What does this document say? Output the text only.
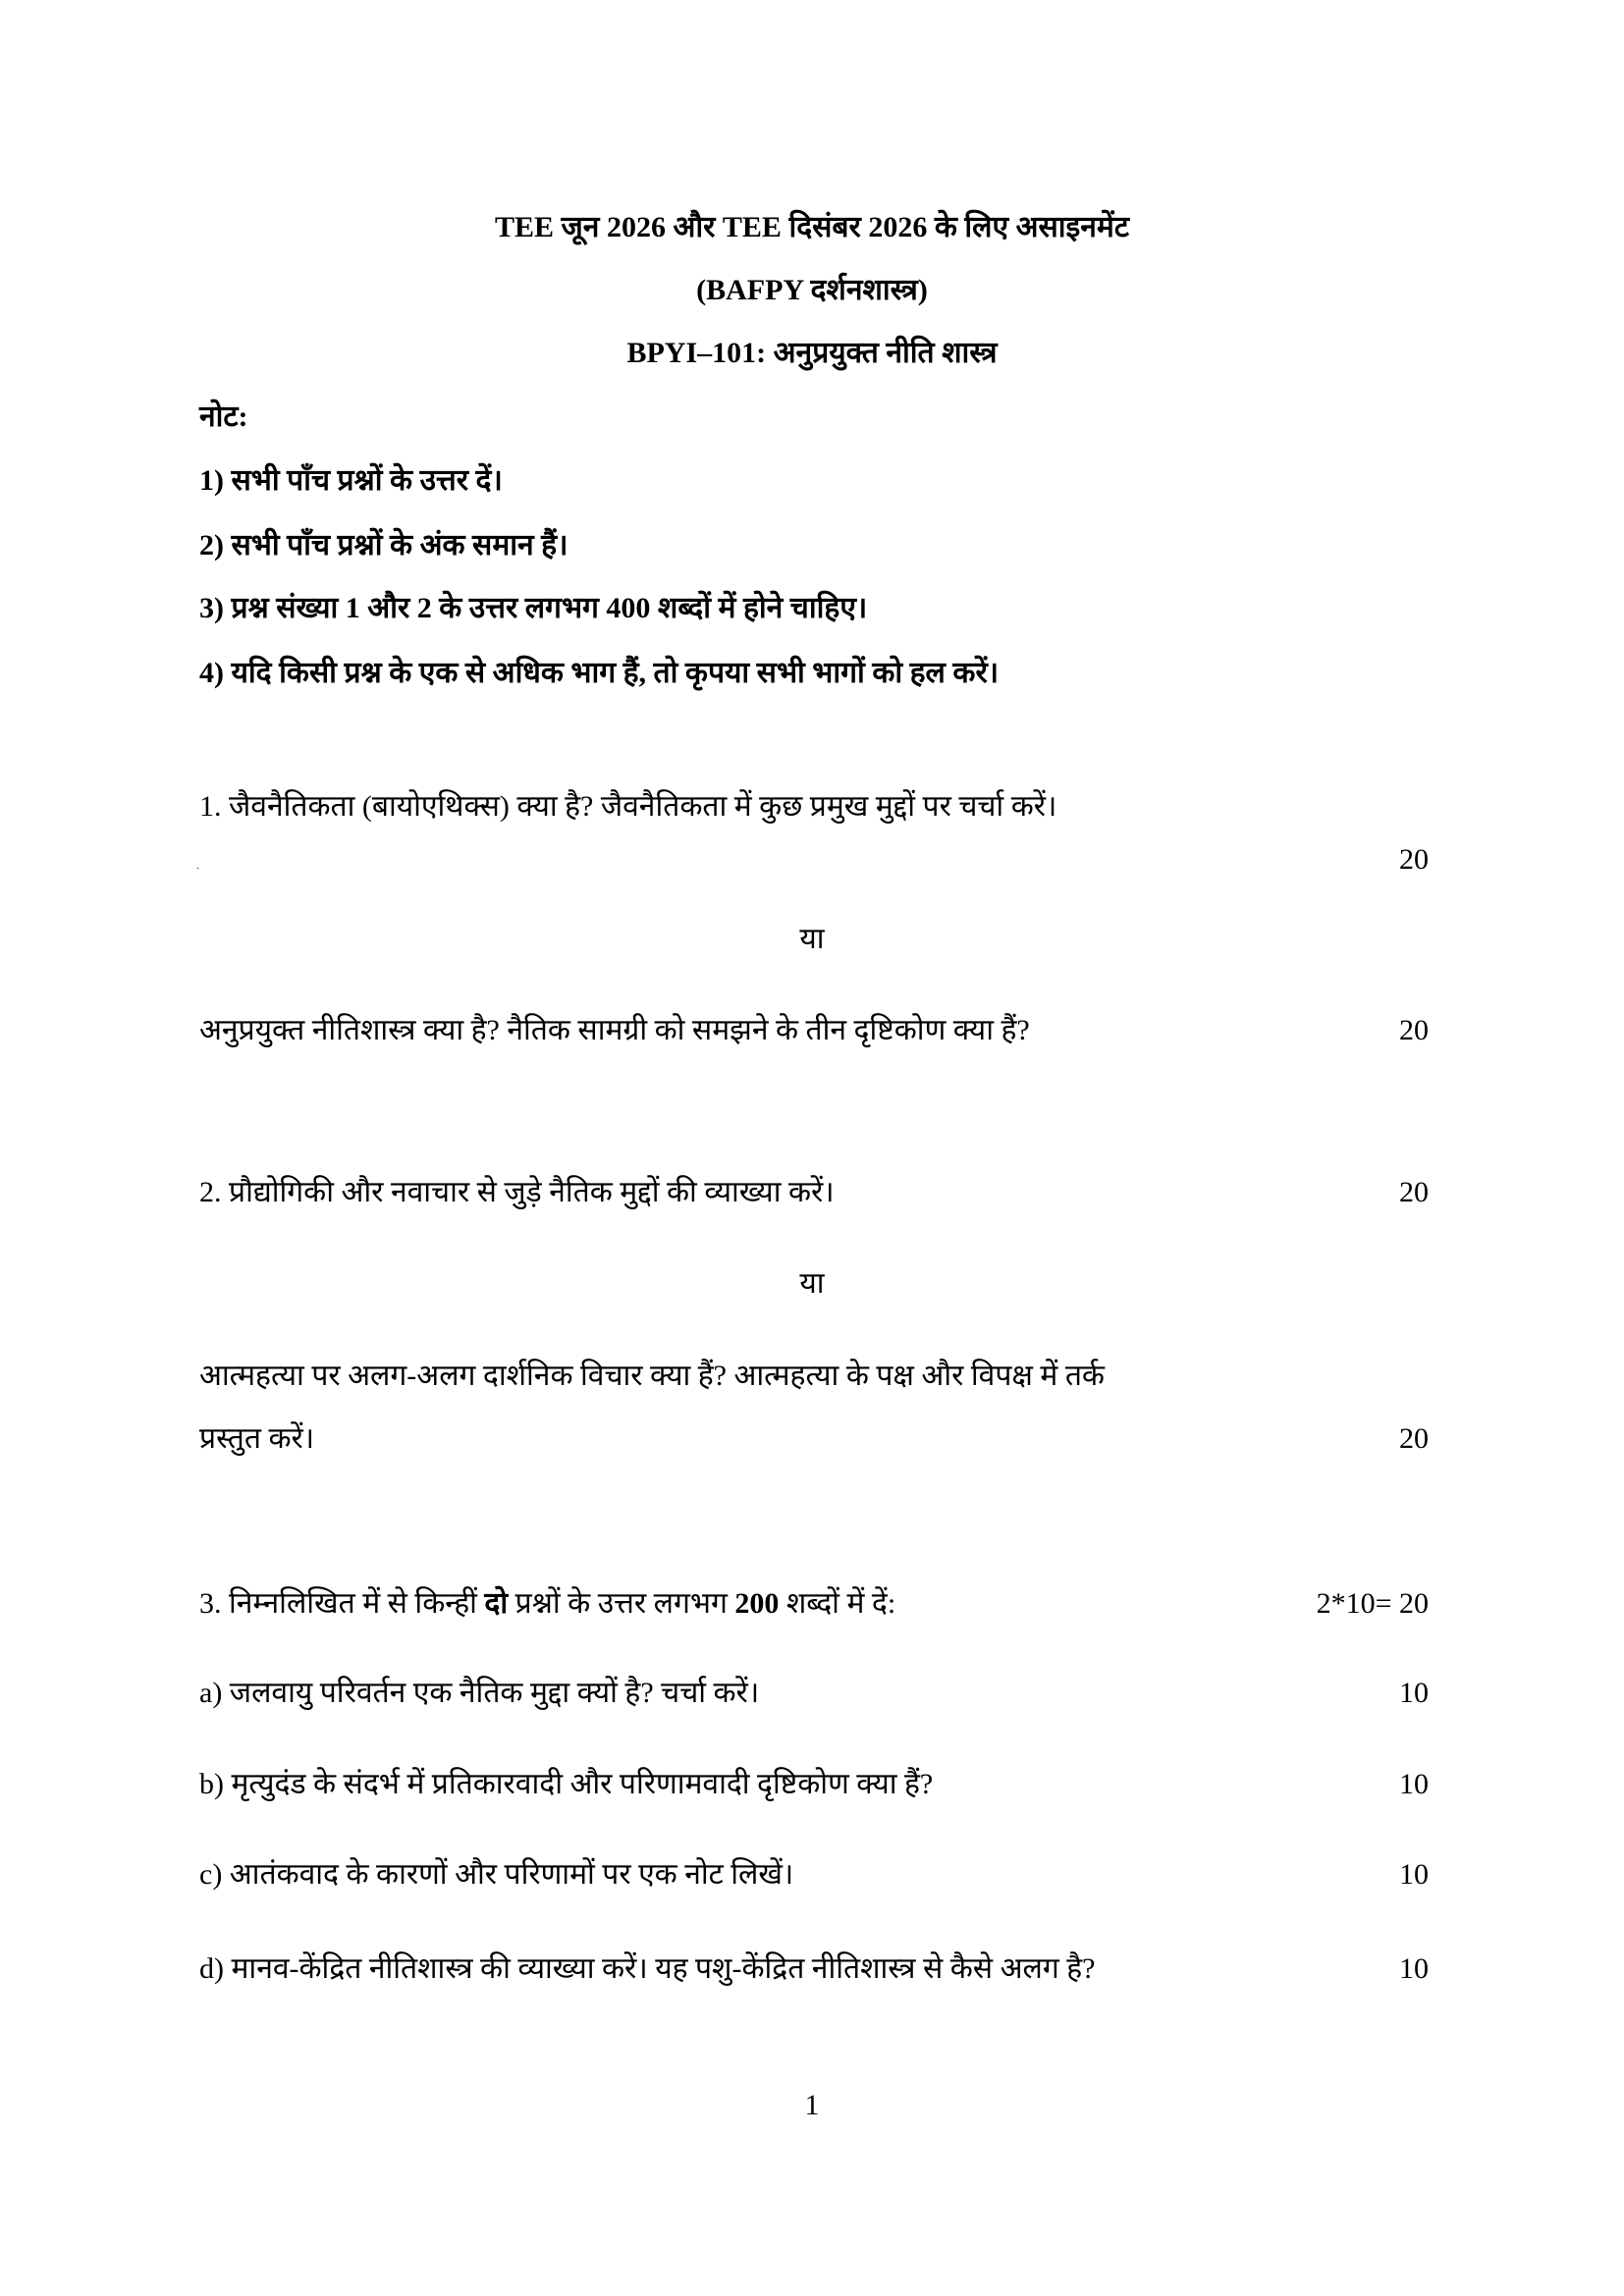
TEE जून 2026 और TEE दिसंबर 2026 के लिए असाइनमेंट
(BAFPY दर्शनशास्त्र)
BPYI–101: अनुप्रयुक्त नीति शास्त्र
नोट:
1) सभी पाँच प्रश्नों के उत्तर दें।
2) सभी पाँच प्रश्नों के अंक समान हैं।
3) प्रश्न संख्या 1 और 2 के उत्तर लगभग 400 शब्दों में होने चाहिए।
4) यदि किसी प्रश्न के एक से अधिक भाग हैं, तो कृपया सभी भागों को हल करें।
1. जैवनैतिकता (बायोएथिक्स) क्या है? जैवनैतिकता में कुछ प्रमुख मुद्दों पर चर्चा करें।
·	20
या
अनुप्रयुक्त नीतिशास्त्र क्या है? नैतिक सामग्री को समझने के तीन दृष्टिकोण क्या हैं?	20
2. प्रौद्योगिकी और नवाचार से जुड़े नैतिक मुद्दों की व्याख्या करें।	20
या
आत्महत्या पर अलग-अलग दार्शनिक विचार क्या हैं? आत्महत्या के पक्ष और विपक्ष में तर्क
प्रस्तुत करें।	20
3. निम्नलिखित में से किन्हीं दो प्रश्नों के उत्तर लगभग 200 शब्दों में दें:	2*10= 20
a) जलवायु परिवर्तन एक नैतिक मुद्दा क्यों है? चर्चा करें।	10
b) मृत्युदंड के संदर्भ में प्रतिकारवादी और परिणामवादी दृष्टिकोण क्या हैं?	10
c) आतंकवाद के कारणों और परिणामों पर एक नोट लिखें।	10
d) मानव-केंद्रित नीतिशास्त्र की व्याख्या करें। यह पशु-केंद्रित नीतिशास्त्र से कैसे अलग है?	10
1
